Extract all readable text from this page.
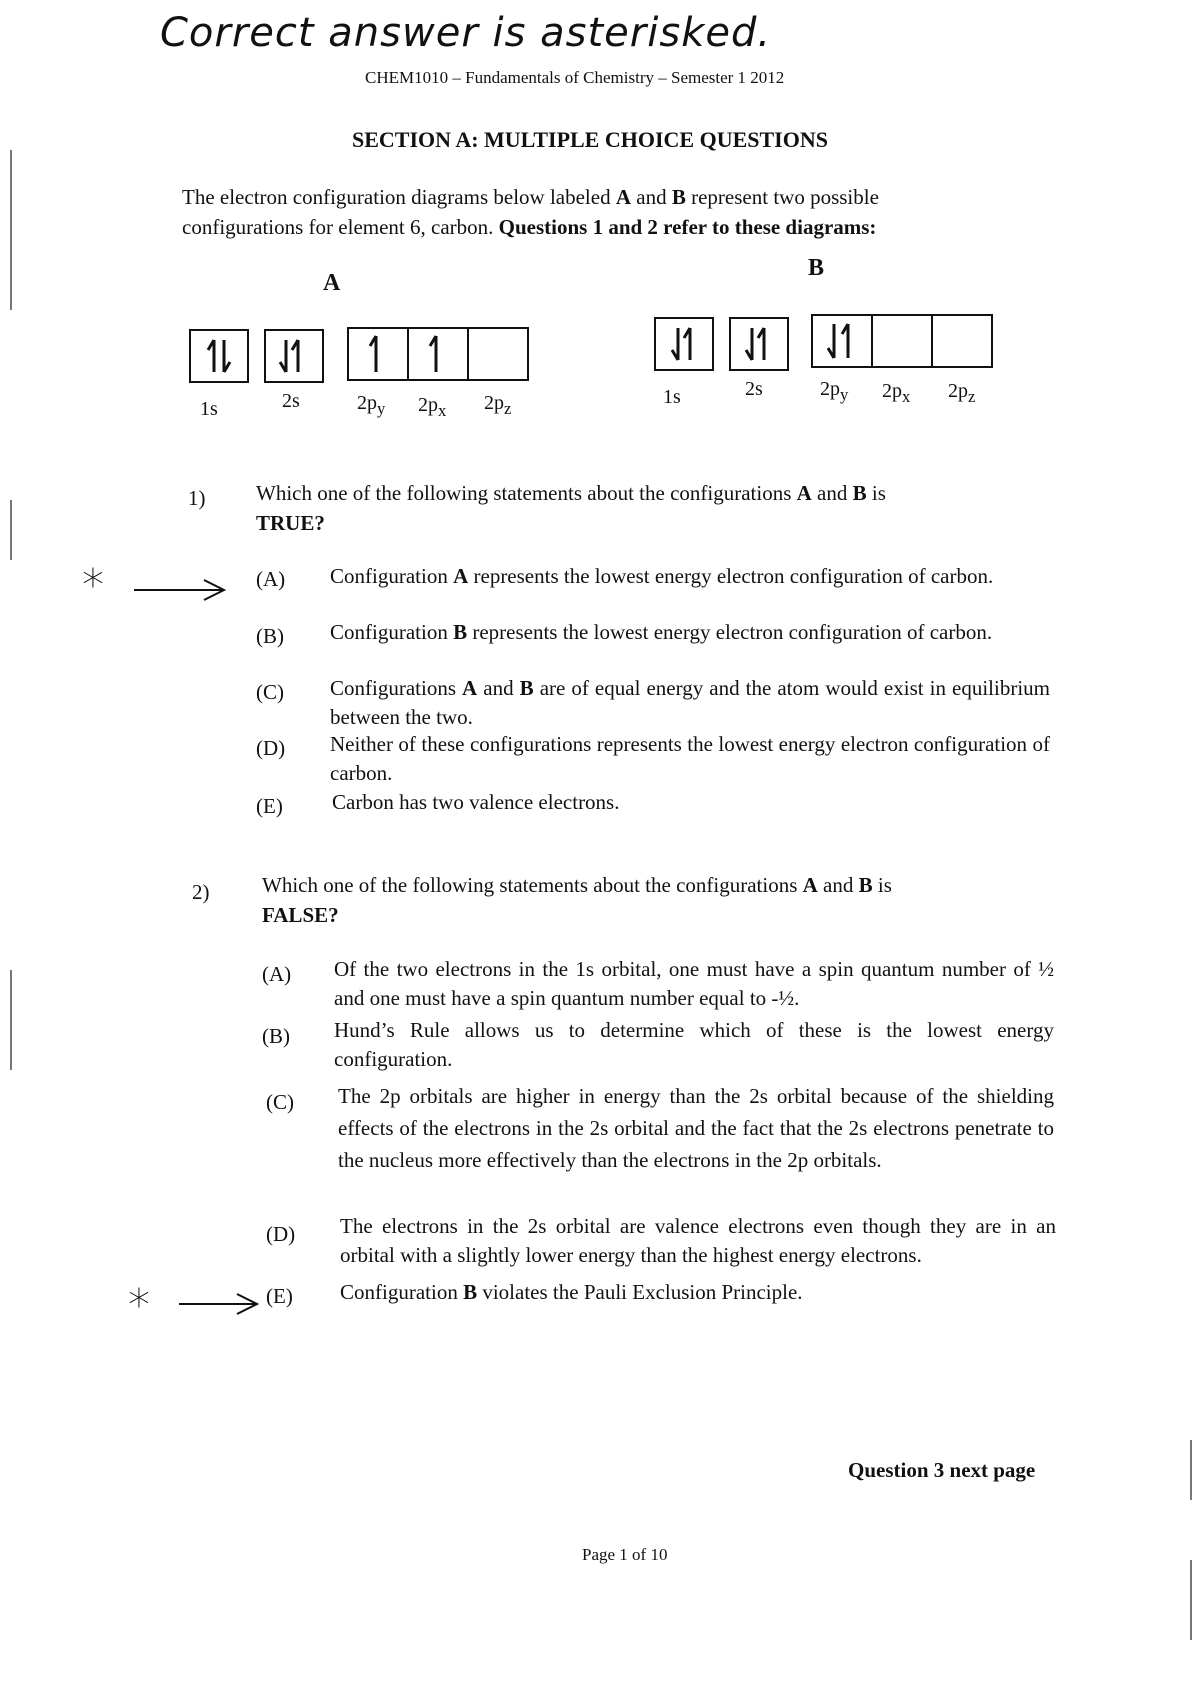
Correct answer is asterisked.
CHEM1010 – Fundamentals of Chemistry – Semester 1 2012
SECTION A: MULTIPLE CHOICE QUESTIONS
The electron configuration diagrams below labeled A and B represent two possible
configurations for element 6, carbon. Questions 1 and 2 refer to these diagrams:
A
B
1s	2s	$2p_y$ $2p_x$ $2p_z$
1s	2s	$2p_y$ $2p_x$ $2p_z$
1) Which one of the following statements about the configurations A and B is
TRUE?
*	(A) Configuration A represents the lowest energy electron configuration of carbon.
(B) Configuration B represents the lowest energy electron configuration of carbon.
(C) Configurations A and B are of equal energy and the atom would exist in equilibrium between the two.
(D) Neither of these configurations represents the lowest energy electron configuration of carbon.
(E) Carbon has two valence electrons.
2)	Which one of the following statements about the configurations A and B is
FALSE?
(A) Of the two electrons in the 1s orbital, one must have a spin quantum number of ½ and one must have a spin quantum number equal to -½.
(B) Hund’s Rule allows us to determine which of these is the lowest energy configuration.
(C) The 2p orbitals are higher in energy than the 2s orbital because of the shielding effects of the electrons in the 2s orbital and the fact that the 2s electrons penetrate to the nucleus more effectively than the electrons in the 2p orbitals.
(D) The electrons in the 2s orbital are valence electrons even though they are in an orbital with a slightly lower energy than the highest energy electrons.
*	(E) Configuration B violates the Pauli Exclusion Principle.
Question 3 next page
Page 1 of 10
